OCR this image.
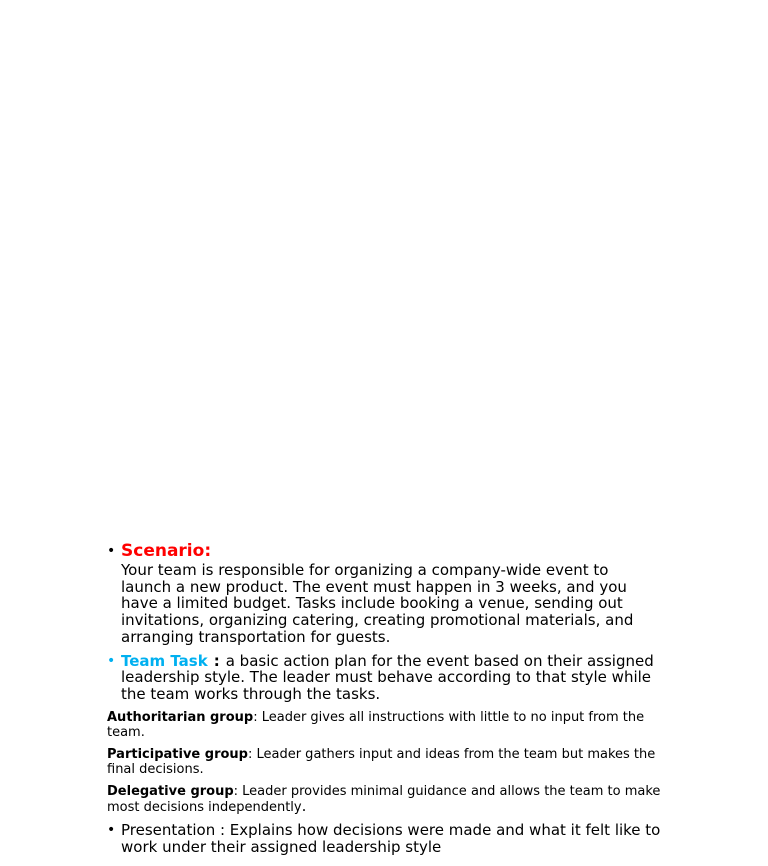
• Scenario:

Your team is responsible for organizing a company-wide event to launch a new product. The event must happen in 3 weeks, and you have a limited budget. Tasks include booking a venue, sending out invitations, organizing catering, creating promotional materials, and arranging transportation for guests.

• Team Task : a basic action plan for the event based on their assigned leadership style. The leader must behave according to that style while the team works through the tasks.

Authoritarian group: Leader gives all instructions with little to no input from the team.

Participative group: Leader gathers input and ideas from the team but makes the final decisions.

Delegative group: Leader provides minimal guidance and allows the team to make most decisions independently.

• Presentation : Explains how decisions were made and what it felt like to work under their assigned leadership style
